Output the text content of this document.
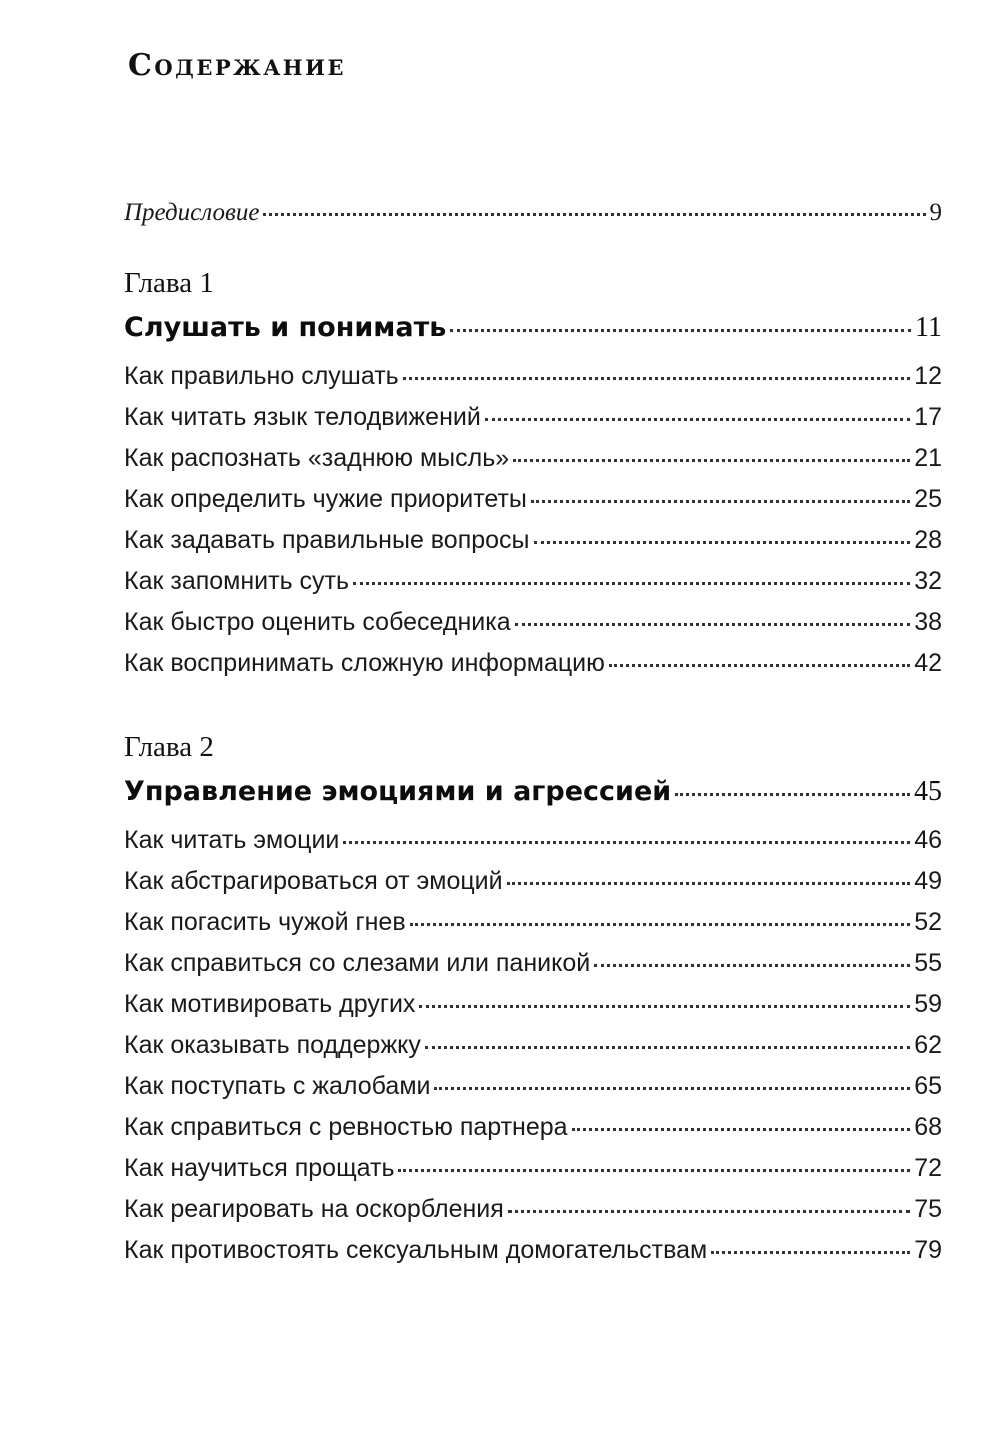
Содержание
Предисловие	9
Глава 1
Слушать и понимать	11
Как правильно слушать	12
Как читать язык телодвижений	17
Как распознать «заднюю мысль»	21
Как определить чужие приоритеты	25
Как задавать правильные вопросы	28
Как запомнить суть	32
Как быстро оценить собеседника	38
Как воспринимать сложную информацию	42
Глава 2
Управление эмоциями и агрессией	45
Как читать эмоции	46
Как абстрагироваться от эмоций	49
Как погасить чужой гнев	52
Как справиться со слезами или паникой	55
Как мотивировать других	59
Как оказывать поддержку	62
Как поступать с жалобами	65
Как справиться с ревностью партнера	68
Как научиться прощать	72
Как реагировать на оскорбления	75
Как противостоять сексуальным домогательствам	79
